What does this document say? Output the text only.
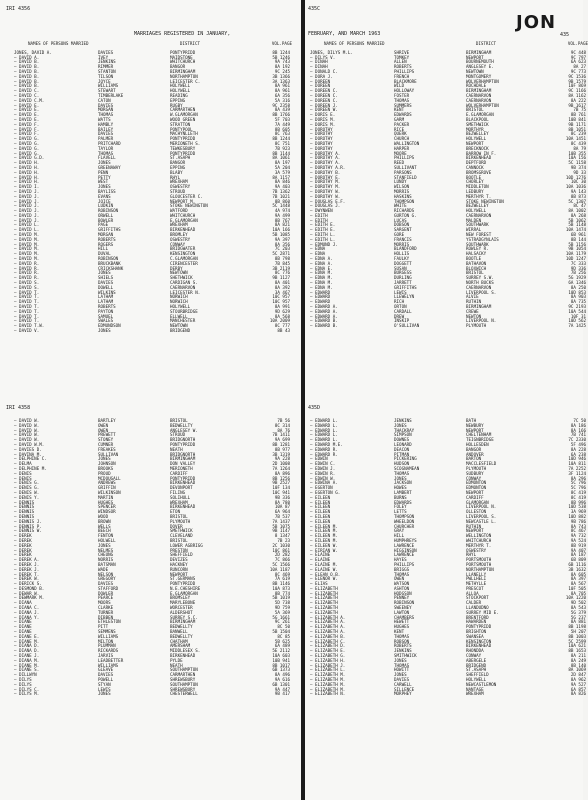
IRI 4356	435C
JON
435
MARRIAGES REGISTERED IN JANUARY,	FEBRUARY, AND MARCH 1963
IRI 4358	435D
NAMES OF PERSONS MARRIED	DISTRICT	VOL.PAGE
JONES, DAVID A.	DAVIES	PONTYPRIDD	8B 1244
— DAVID A.	IVEY	MAIDSTONE	5B 1246
— DAVID B.	JENKINS	WHITCHURCH	9A 743
— DAVID B.	RIMMER	BANGOR	8A 192
— DAVID B.	STANTON	BIRMINGHAM	9C 245
— DAVID B.	TILSON	NORTHAMPTON	3B 1366
— DAVID B.	JOYCE	LEICESTER C.	3A 1363
— DAVID B.	WILLIAMS	HOLYWELL	8A 961
— DAVID C.	STEWART	HOLYWELL	8A 961
— DAVID C.	TIMBERLAKE	READING	6A 356
— DAVID C.M.	CATON	EPPING	5A 316
— DAVID E.	DAVIES	RUGBY	9C 2358
— DAVID E.	MORGAN	CARMARTHEN	8A 439
— DAVID E.	THOMAS	W.GLAMORGAN	8B 1766
— DAVID E.	WATTS	WOOD GREEN	5F 703
— DAVID F.	HAMBLY	STRATTON	7A 449
— DAVID F.	BAILEY	PONTYPOOL	8B 605
— DAVID F.	DAVIES	MACHYNLLETH	8C 763
— DAVID G.	PALMER	PONTYPRIDD	8B 1244
— DAVID G.	PRITCHARD	MERIONETH S.	8C 751
— DAVID G.	TAYLOR	TEWKESBURY	7B 923
— DAVID G.	THOMAS	PONTYPRIDD	8B 1144
— DAVID G.D.	FLAVELL	ST.ASAPH	8A 1061
— DAVID H.	JONES	BANGOR	8A 197
— DAVID H.	GREENAWAY	EPPING	5A 204
— DAVID H.	PENN	BLABY	3A 579
— DAVID H.	PETTY	RHYL	8A 1157
— DAVID H.	WEST	WREXHAM	8A 846
— DAVID I.	JONES	OSWESTRY	9A 403
— DAVID J.	BAYLISS	STROUD	7B 1362
— DAVID J.	EVANS	GLOUCESTER C.	7B 1021
— DAVID J.	JOICE	NEWPORT M.	8B 860
— DAVID J.	LUDKIN	STOKE NEWINGTON	5C 1448
— DAVID J.	ROBINSON	WATFORD	4A 974
— DAVID J.	ORWELL	WHITCHURCH	9A 499
— DAVID J.	BOWLER	E.GLAMORGAN	8B 767
— DAVID L.	PAGE	WREXHAM	8A 821
— DAVID L.	GRIFFITHS	BIRKENHEAD	10A 166
— DAVID M.	MORGAN	BROMLEY	5B 1085
— DAVID M.	ROBERTS	OSWESTRY	9A 397
— DAVID M.	ROGERS	CONWAY	8A 356
— DAVID M.	HILL	BRIDGWATER	7C 203
— DAVID M.	DUVAL	KENSINGTON	5C 2871
— DAVID M.	ROBINSON	C.GLAMORGAN	8B 798
— DAVID R.	BRUCKBANK	CIRENCESTER	7B 845
— DAVID R.	CRICKSHANK	DERBY	3B 2119
— DAVID R.	JONES	NEWTOWN	8C 776
— DAVID R.	SHIELS	SHETHWICK	9B 1127
— DAVID S.	DAVIES	CARDIGAN S.	8A 401
— DAVID S.	DOWELL	CAERNARVON	8A 392
— DAVID T.	WILKINS	LEICESTER N.	3A 467
— DAVID T.	LATHAM	NORWICH	10C 957
— DAVID T.	LATHAM	NORWICH	10C 957
— DAVID T.	ROBERTS	HOLYWELL	8A 991
— DAVID T.	PAYTON	STOURBRIDGE	9D 629
— DAVID T.	SAMUEL	ELLWELL	8A 568
— DAVID T.	SWALES	MANCHESTER	10A 2009
— DAVID T.W.	EDMUNDSON	NEWTOWN	8C 777
— DAVID V.	JONES	BRIDGEND	8B 43
NAMES OF PERSONS MARRIED	DISTRICT	VOL.PAGE
JONES, DILYS M.L.	SHRIVE	BIRMINGHAM	9C 448
— DILYS V.	TOMKEY	NEWPORT	9C 797
— DINAH	ALLEN	BOURNEMOUTH	6A 623
— DINAH	ROBERTS	ANGLESEY E.	8A 27
— DONALD C.	PHILLIPS	NEWTOWN	9C 773
— DORA J.	FRENCH	MONTGOMERY	9C 1536
— DOREEN	BLACKMORE	WOLVERHAMPTON	9B 1579
— DOREEN	WILD	ROCHDALE	10F 869
— DOREEN C.	HOLLOWAY	BIRMINGHAM	9C 1166
— DOREEN C.	FOSTER	CAERNARVON	8A 1162
— DOREEN C.	THOMAS	CAERNARVON	8A 222
— DOREEN J.	SUMMERS	WOLVERHAMPTON	9B 1617
— DOREEN W.	KENT	BRISTOL	7B 75
— DORIS E.	EDWARDS	E.GLAMORGAN	8B 761
— DORIS M.	GARM	BLACKPOOL	10B 841
— DORIS M.	PACKER	SMETHWICK	9B 1171
— DOROTHY	RICE	MORTHYR	8B 1051
— DOROTHY	QUERK	BEZWELLEY	8C 239
— DOROTHY	CHURCH	HOLYWELL	10A 1451
— DOROTHY	WALLINGTON	NEWPORT	8C 439
— DOROTHY	HARPER	BRECKNOCK	8A 79
— DOROTHY A.	MOORE	BARROW IN F.	10B 355
— DOROTHY A.	PHILLIPS	BIRKENHEAD	10A 156
— DOROTHY A.	REED	DEPTFORD	5C 1158
— DOROTHY A.R.	SULLIVANT	CANNOCK	9B 374
— DOROTHY B.	PARSONS	BROMSGROVE	9D 33
— DOROTHY E.	STANFIELD	BOOTLE	10D 1276
— DOROTHY M.	LUNDY	CHORLEY	10C 30
— DOROTHY M.	WILSON	MIDDLETON	10A 1036
— DOROTHY W.	MORRIS	LEDBURY	9A 143
— DOROTHY W.	HASKINS	MERTHYR T.	8B 873
— DOUGLAS E.F.	THOMPSON	STOKE NEWINGTON	5C 1307
— DOUGLAS J.	WHITE	BEZWELLEY	8C 47
— DWYNWEN	RICHARDS	HOLYWELL	8A 1002
— EDITH	GURTON G.	CAERNARVON	8A 268
— EDITH	LUCAS	MALDEN	5B 1062
— EDITH E.	DOBSON	SOUTHWARK	5B 1148
— EDITH E.	SARGENT	WIRRAL	10A 1474
— EDITH L.	GORE	NEW FOREST	6B 961
— EDITH L.	FRANCIS	YSTRADGYNLAIS	8B 144
— EDMUND J.	MORRIS	SOUTHWARK	5B 1156
— EDNA	BLANDFORD	ROWLEY R.	9B 1054
— EDNA	HOLLIS	HALSACKY	10A 1179
— EDNA A.	FAULKY	BOOTLE	10D 1247
— EDNA A.	DOGGETT	BATHAVON	7C 333
— EDNA E.	SUSAN	BLOXWICH	9D 336
— EDNA M.	BURGESS	BRISTOL	7B 256
— EDNA M.	DURLING	SURREY S.W.	5G 1929
— EDNA M.	JARRETT	NORTH BUCKS	6A 1346
— EDNA M.	GRIFFITHS	CAERNARVON	8A 250
— EDWARD	LEWIS	LIVERPOOL S.	10D 853
— EDWARD	LLEWELYN	ALVIE	8A 903
— EDWARD	RICH	RUTHIN	8A 735
— EDWARD A.	ORTON	BIRMINGHAM	9C 2193
— EDWARD A.	CARDALL	CREWE	10A 544
— EDWARD A.	DREW	NEWTON	10F 31
— EDWARD B.	INSKIP	LIVERPOOL N.	10D 562
— EDWARD B.	O'SULLIVAN	PLYMOUTH	7A 1425
— DAVID W.	BARTLEY	BRISTOL	7B 56
— DAVID W.	OWEN	BEDWELLTY	8C 314
— DAVID W.	OWEN	ANGLESEY W.	8A 76
— DAVID W.	PREWETT	STROUD	7B 1411
— DAVID W.	STONEY	BRIDGNORTH	9A 699
— DAVID W.M.	CUMNER	PONTYPRIDD	8B 1281
— DAVIES D.	FREAKES	NEATH	8B 977
— DAVINA M.	SULLIVAN	BRIDGNORTH	3B 1319
— DELPHINE C.	JONES	BIRMINGHAM	9A 228
— DELMA	JOHNSON	DON VALLEY	2D 1008
— DELPHINE M.	BROOKS	MERIONETH	7A 1264
— DENIS	PROUD	CARDIFF	8A 896
— DENIS	MCDOUGALL	PONTYPRIDD	8B 1256
— DENIS G.	ANDREWS	BIRKENHEAD	9B 2527
— DENIS G.	GRIFFIN	DEVONPORT	10F 134
— DENIS W.	WILKINSON	FILING	10C 941
— DENIS Y.	MARTIN	SOLIHULL	9B 336
— DENNIS	HUGHES	WREXHAM	8A 780
— DENNIS	SPENCER	BIRKENHEAD	10A 87
— DENNIS	WINDSOR	ETON	6A 964
— DENNIS	WOOD	BRISTOL	7B 537
— DENNIS J.	BROWN	PLYMOUTH	7A 1437
— DENNIS P.	WELLS	DOVER	5B 1075
— DENNIS W.	BEECH	SMETHWICK	9B 1147
— DEREK	FENTON	CLEVELAND	8 1347
— DEREK	HOLWELL	BRISTOL	7B 23
— DEREK	JONES	LOWER AGBRIGG	2C 1030
— DEREK	NELMES	PRESTON	10C 861
— DEREK	CHEUNG	SHEFFIELD	2D 282
— DEREK A.	NORRIS	DEVIZES	7C 866
— DEREK J.	BATSMAN	HACKNEY	5C 1566
— DEREK J.	WADE	RUNCORN	10A 1187
— DEREK T.	NELSON	NEWPORT	8C 469
— DEREK W.	GREGORY	ST.GERMANS	7A 619
— DERICK S.	DAVIES	PONTYPRIDD	8B 1146
— DESMOND B.	STAFFORD	N.E.CHESHIRE	10A 873
— DEWAR W.	DOWLER	E.GLAMORGAN	8B 774
— DEWMARK M.	PEARCE	BROMSLEY	5B 1019
— DIANA	MOORS	MARYLEBONE	5D 738
— DIANA C.	CLARKE	WORCESTER	9D 759
— DIANA J.	TURNER	ALDERSHOT	5A 369
— DIANA Y.	DIBBEN	SURREY S.C.	5G 1661
— DIANE	ETHLESTON	BIRMINGHAM	9C 261
— DIANE	PITT	BEDWELLTY	8C 50
— DIANE	SEMMENS	BANWELL	5B 1504
— DIANE E.	WILLIAMS	BEDWELLTY	8C 85
— DIANE M.	MILTON	CHATHAM	5B 625
— DIANA D.	PLUMMAN	AMERSHAM	6A 489
— DIANA D.	RICKARDS	MIDDLESEX S.	5E 2112
— DIANE J.	JARVIS	BIRKENHEAD	10A 603
— DIANA M.	LEADBETTER	PYLDE	10B 941
— DIANE M.	WILLIAMS	NEATH	8B 1017
— DIANE S.	GLEAVE	SOUTHAMPTON	6B 1373
— DILLWYN	DAVIES	CARMARTHEN	8A 496
— DILYS	POWELL	SHREWSBURY	9A 616
— DILYS	STYAN	SOUTHAMPTON	6B 1301
— DILYS C.	LEWIS	SHREWSBURY	9A 447
— DILYS M.	JONES	CHESTERWELL	9B 417
— EDWARD L.	JENKINS	BATH	7C 50
— EDWARD L.	JONES	NEWBURY	8A 186
— EDWARD L.	THACKRAY	NEWPORT	8A 166
— EDWARD L.	SIMPSON	CHELTENHAM	7B 741
— EDWARD L.	DOWNES	TEIGNBRIDGE	7C 2330
— EDWARD M.E.	LEONARD	HOLLESDEN	5F 496
— EDWARD R.	DEACON	BANGOR	8A 228
— EDWARD R.	PITMAN	ANDOVER	6A 238
— EDWIN	PICKERING	BARTON	10D 946
— EDWIN C.	HUDSON	MACCLESFIELD	10A 811
— EDWIN J.	SCOGNAMEAN	PLYMOUTH	7A 2252
— EDWIN R.	THOMAS	SUDBURY	3F 1124
— EDWIN W.	JONES	CONWAY	8A 296
— EDWINA A.	JACKSON	EDMONTON	5C 796
— EGERTON	HOWES	EDMONTON	5C 796
— EGERTON G.	LAMBERT	NEWPORT	8C 419
— EILEEN	BURNS	CARDIFF	8C 419
— EILEEN	EDWARDS	GLAMORGAN	8B 996
— EILEEN	FOLEY	LIVERPOOL N.	10D 538
— EILEEN	LETTS	OLLESTON	3A 969
— EILEEN	THOMPSON	LIVERPOOL S.	10D 882
— EILEEN	WHEELDON	NEWCASTLE L.	9B 786
— EILEEN M.	CHURCHER	RUTHIN	8A 743
— EILEEN M.	GRAY	NEWPORT	8C 467
— EILEEN M.	HILL	WELLINGTON	9A 732
— EILEEN M.	HUMPHREYS	WHITCHURCH	9A 524
— EILEEN W.	LAWRENCE	MERTHYR T.	8B 919
— EIRIAN W.	HIGGINSON	OSWESTRY	9A 407
— ELAINE	LAWRENCE	RHYL	8A 187
— ELAINE	HAYES	PORTSMOUTH	6B 809
— ELAINE M.	PHILLIPS	PORTSMOUTH	6B 1116
— ELAINE W.	BRIGGS	NORTHAMPTON	3B 1632
— ELEAN O.B.	THOMAS	LLANELLY	8A 605
— ELENOR W.	OWEN	PWLLHELI	8A 397
— ELIAS	WATSON	METHYLLE	8A 567
— ELIZABETH	ASHTON	PRESCOT	10F 505
— ELIZABETH	HODGSON	ALLOA	8A 705
— ELIZABETH	PENNEY	STOCKPORT	10A 1220
— ELIZABETH	ROBINSON	CALDER	9D 502
— ELIZABETH	SWEENEY	LLANDUDNO	8A 543
— ELIZABETH	LAWTON	SURREY MID E.	5G 379
— ELIZABETH A.	CHAMBERS	BRENTFORD	5G 237
— ELIZABETH A.	HEWETT	HAWARDEN	8A 881
— ELIZABETH A.	HUGHES	PONTYPRIDD	8B 1198
— ELIZABETH A.	KENT	BRIGHTON	5H 207
— ELIZABETH B.	THOMAS	SWANSEA	8B 1003
— ELIZABETH C.	ROBSON	KENSINGTON	5C 2599
— ELIZABETH D.	ROBERTS	BIRKENHEAD	10A 621
— ELIZABETH E.	JENKINS	RHONDDA	8B 1653
— ELIZABETH G.	SMITHWICK	CONWAY	8A 211
— ELIZABETH H.	JONES	ABERGELE	8A 249
— ELIZABETH J.	THOMAS	BRIDGEND	8B 140
— ELIZABETH L.	HOWITT	ST.ASAPH	8A 1069
— ELIZABETH M.	JONES	SHEFFIELD	2D 847
— ELIZABETH M.	DAVIES	HOLYWELL	8A 962
— ELIZABETH M.	CARWELL	NEWCASTLEMON	9A 527
— ELIZABETH M.	SILLENCE	NANTAGE	6A 857
— ELIZABETH N.	MORPHEY	WREXHAM	8A 826
